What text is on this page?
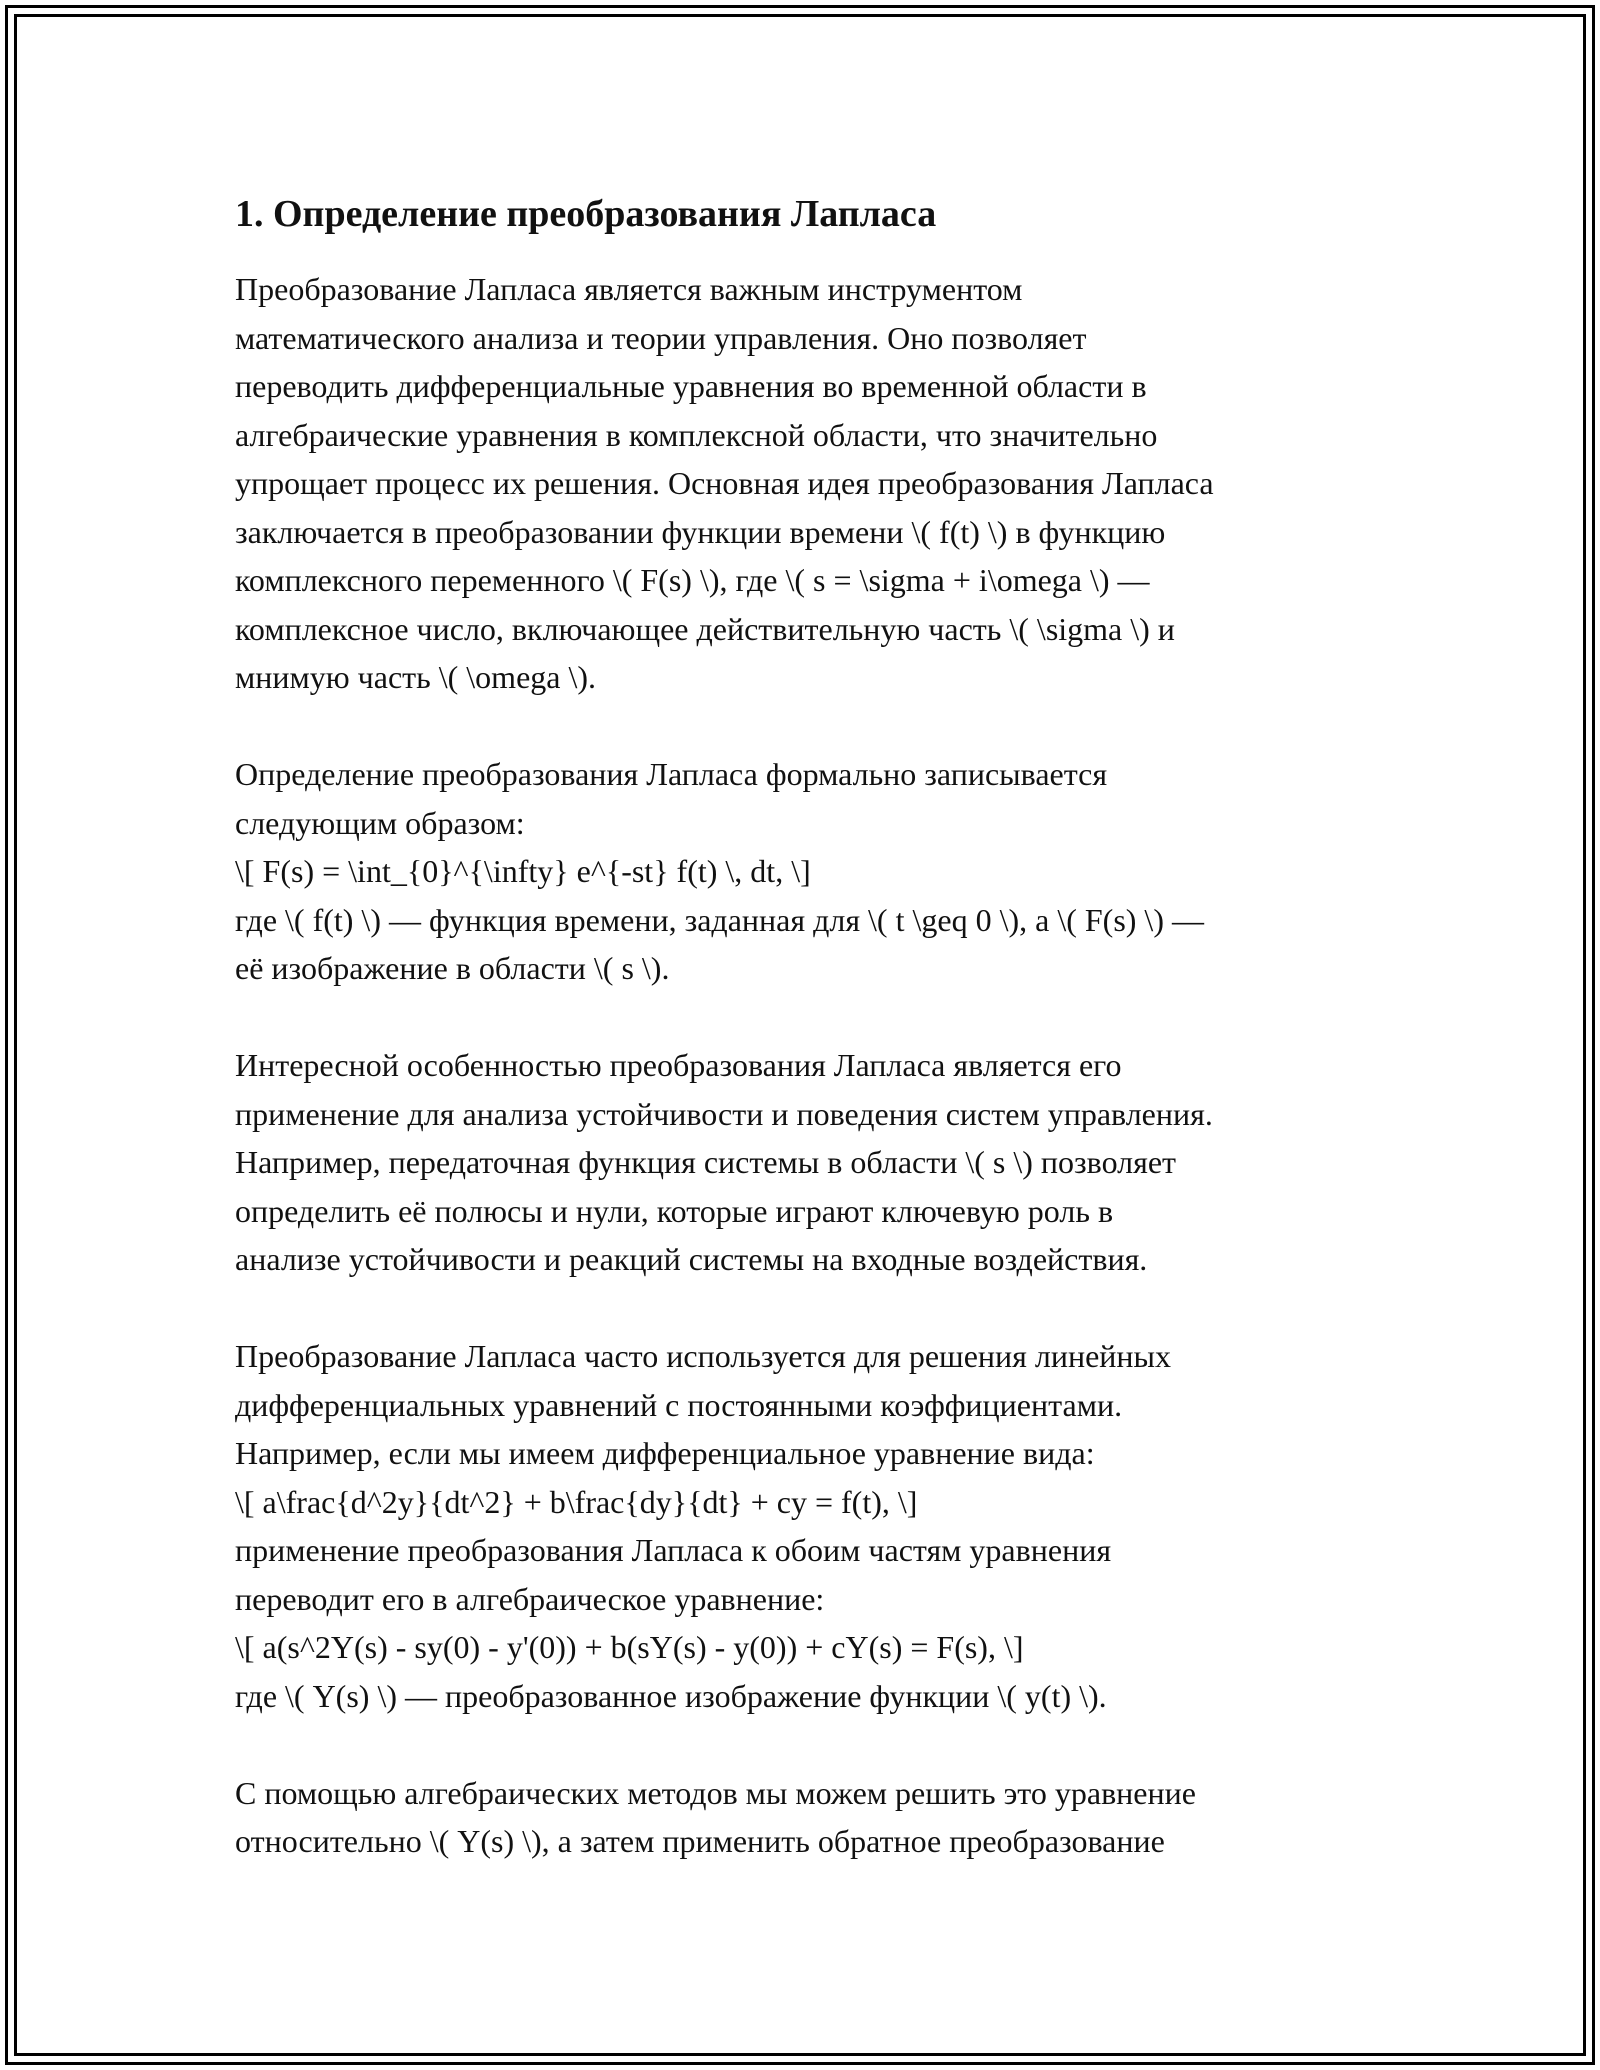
1. Определение преобразования Лапласа
Преобразование Лапласа является важным инструментом
математического анализа и теории управления. Оно позволяет
переводить дифференциальные уравнения во временной области в
алгебраические уравнения в комплексной области, что значительно
упрощает процесс их решения. Основная идея преобразования Лапласа
заключается в преобразовании функции времени \( f(t) \) в функцию
комплексного переменного \( F(s) \), где \( s = \sigma + i\omega \) —
комплексное число, включающее действительную часть \( \sigma \) и
мнимую часть \( \omega \).
Определение преобразования Лапласа формально записывается
следующим образом:
\[ F(s) = \int_{0}^{\infty} e^{-st} f(t) \, dt, \]
где \( f(t) \) — функция времени, заданная для \( t \geq 0 \), а \( F(s) \) —
её изображение в области \( s \).
Интересной особенностью преобразования Лапласа является его
применение для анализа устойчивости и поведения систем управления.
Например, передаточная функция системы в области \( s \) позволяет
определить её полюсы и нули, которые играют ключевую роль в
анализе устойчивости и реакций системы на входные воздействия.
Преобразование Лапласа часто используется для решения линейных
дифференциальных уравнений с постоянными коэффициентами.
Например, если мы имеем дифференциальное уравнение вида:
\[ a\frac{d^2y}{dt^2} + b\frac{dy}{dt} + cy = f(t), \]
применение преобразования Лапласа к обоим частям уравнения
переводит его в алгебраическое уравнение:
\[ a(s^2Y(s) - sy(0) - y'(0)) + b(sY(s) - y(0)) + cY(s) = F(s), \]
где \( Y(s) \) — преобразованное изображение функции \( y(t) \).
С помощью алгебраических методов мы можем решить это уравнение
относительно \( Y(s) \), а затем применить обратное преобразование
